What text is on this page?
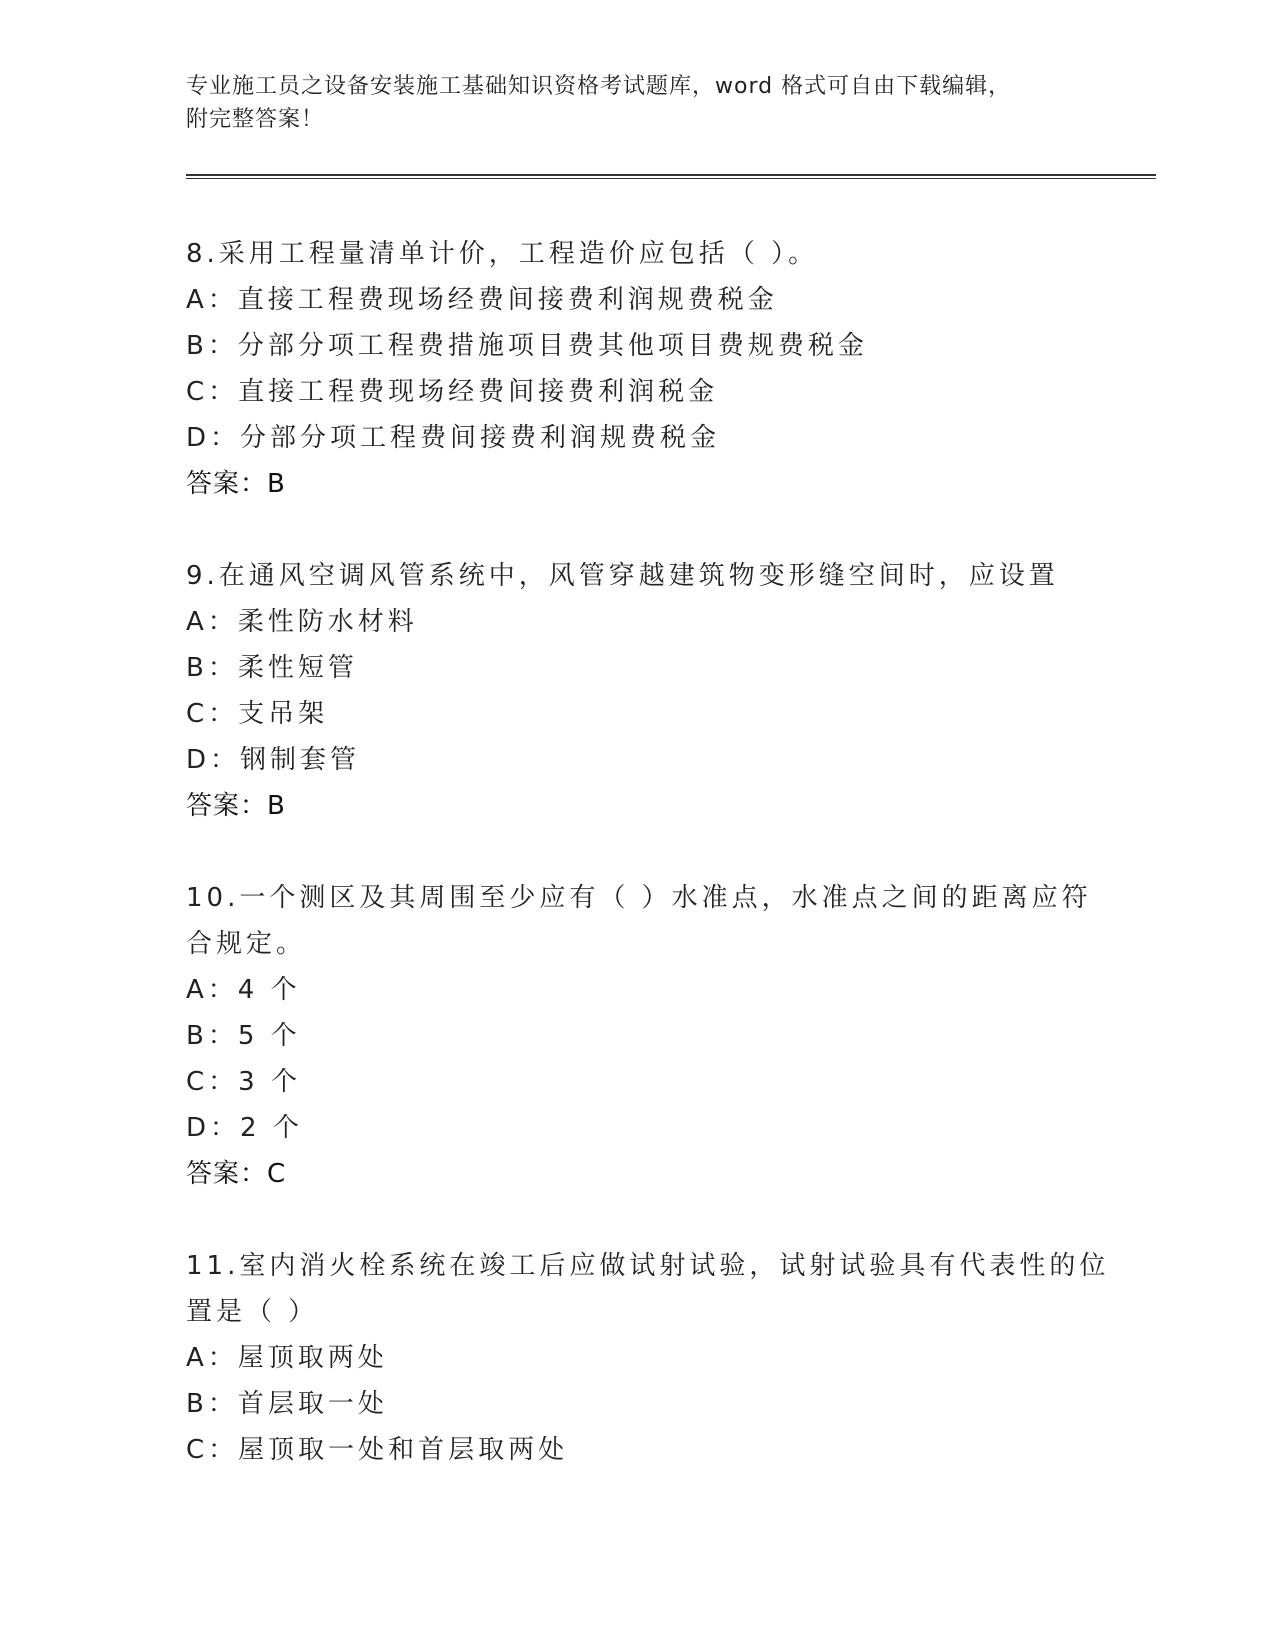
专业施工员之设备安装施工基础知识资格考试题库，word 格式可自由下载编辑，
附完整答案！
8.采用工程量清单计价，工程造价应包括（ ）。
A：直接工程费现场经费间接费利润规费税金
B：分部分项工程费措施项目费其他项目费规费税金
C：直接工程费现场经费间接费利润税金
D：分部分项工程费间接费利润规费税金
答案：B
9.在通风空调风管系统中，风管穿越建筑物变形缝空间时，应设置
A：柔性防水材料
B：柔性短管
C：支吊架
D：钢制套管
答案：B
10.一个测区及其周围至少应有（ ）水准点，水准点之间的距离应符
合规定。
A：4 个
B：5 个
C：3 个
D：2 个
答案：C
11.室内消火栓系统在竣工后应做试射试验，试射试验具有代表性的位
置是（ ）
A：屋顶取两处
B：首层取一处
C：屋顶取一处和首层取两处
